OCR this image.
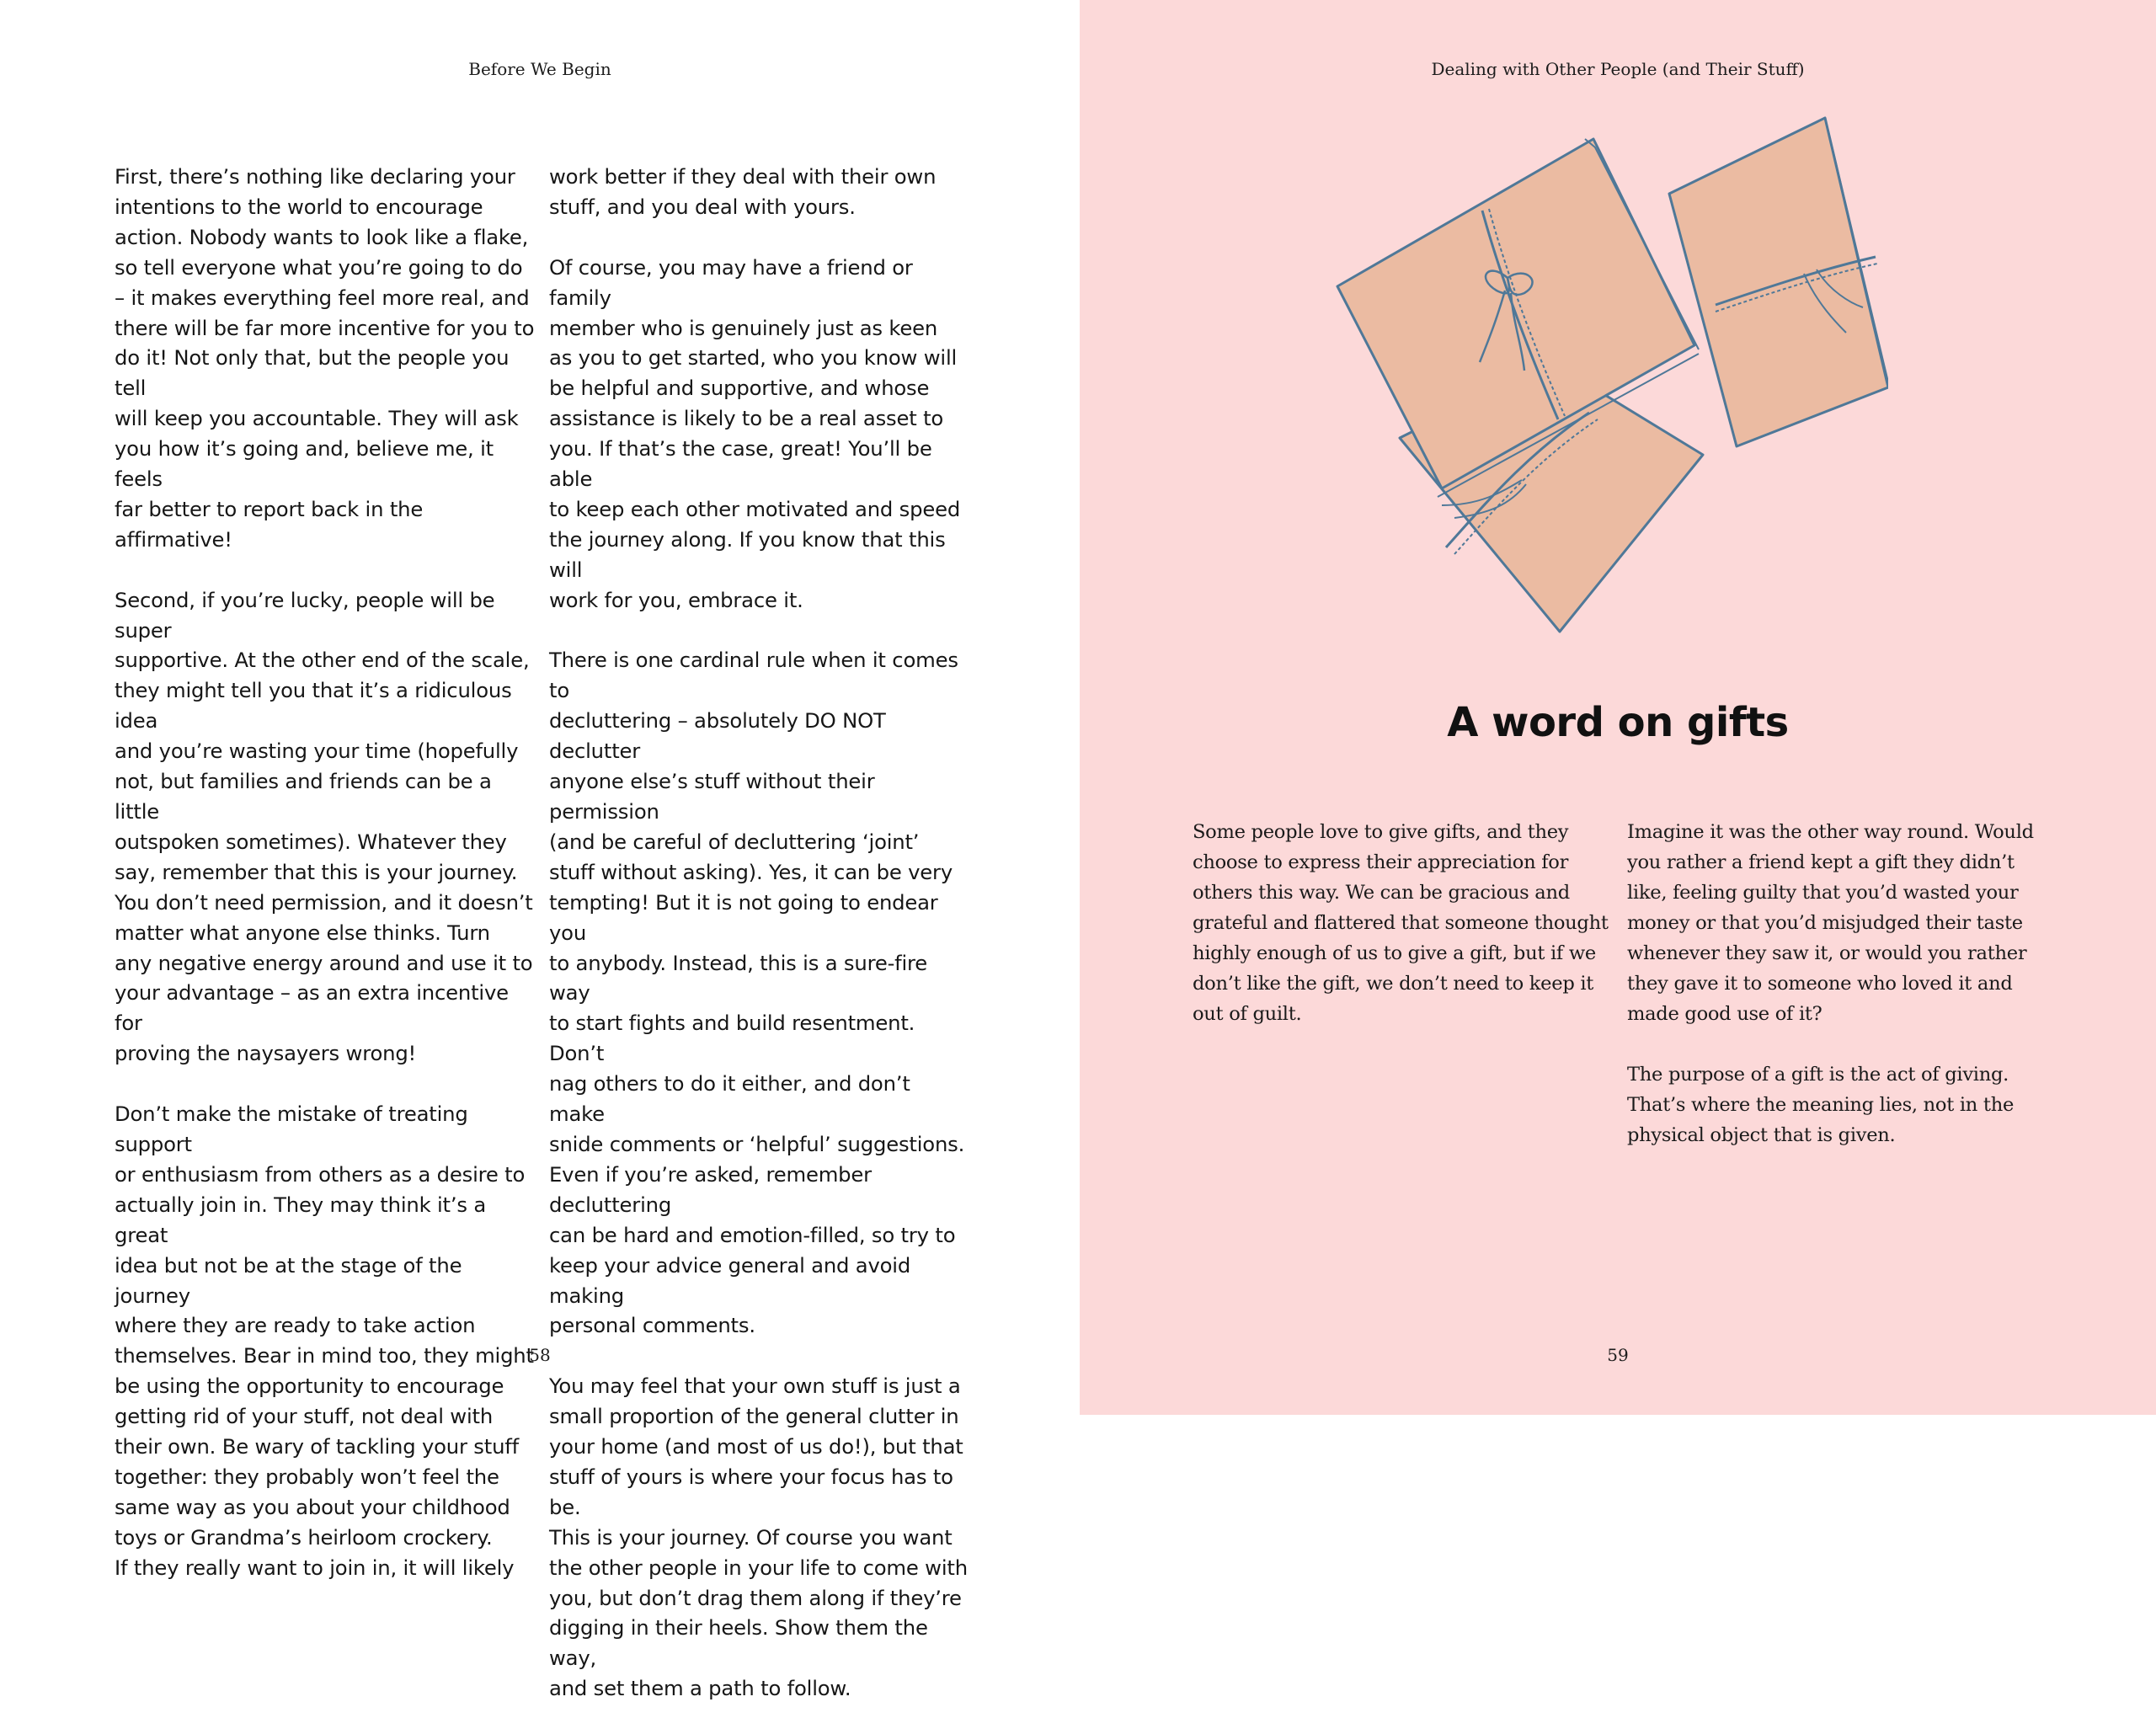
Before We Begin

First, there’s nothing like declaring your
intentions to the world to encourage
action. Nobody wants to look like a flake,
so tell everyone what you’re going to do
– it makes everything feel more real, and
there will be far more incentive for you to
do it! Not only that, but the people you tell
will keep you accountable. They will ask
you how it’s going and, believe me, it feels
far better to report back in the affirmative!

Second, if you’re lucky, people will be super
supportive. At the other end of the scale,
they might tell you that it’s a ridiculous idea
and you’re wasting your time (hopefully
not, but families and friends can be a little
outspoken sometimes). Whatever they
say, remember that this is your journey.
You don’t need permission, and it doesn’t
matter what anyone else thinks. Turn
any negative energy around and use it to
your advantage – as an extra incentive for
proving the naysayers wrong!

Don’t make the mistake of treating support
or enthusiasm from others as a desire to
actually join in. They may think it’s a great
idea but not be at the stage of the journey
where they are ready to take action
themselves. Bear in mind too, they might
be using the opportunity to encourage
getting rid of your stuff, not deal with
their own. Be wary of tackling your stuff
together: they probably won’t feel the
same way as you about your childhood
toys or Grandma’s heirloom crockery.
If they really want to join in, it will likely

work better if they deal with their own
stuff, and you deal with yours.

Of course, you may have a friend or family
member who is genuinely just as keen
as you to get started, who you know will
be helpful and supportive, and whose
assistance is likely to be a real asset to
you. If that’s the case, great! You’ll be able
to keep each other motivated and speed
the journey along. If you know that this will
work for you, embrace it.

There is one cardinal rule when it comes to
decluttering – absolutely DO NOT declutter
anyone else’s stuff without their permission
(and be careful of decluttering ‘joint’
stuff without asking). Yes, it can be very
tempting! But it is not going to endear you
to anybody. Instead, this is a sure-fire way
to start fights and build resentment. Don’t
nag others to do it either, and don’t make
snide comments or ‘helpful’ suggestions.
Even if you’re asked, remember decluttering
can be hard and emotion-filled, so try to
keep your advice general and avoid making
personal comments.

You may feel that your own stuff is just a
small proportion of the general clutter in
your home (and most of us do!), but that
stuff of yours is where your focus has to be.
This is your journey. Of course you want
the other people in your life to come with
you, but don’t drag them along if they’re
digging in their heels. Show them the way,
and set them a path to follow.

58
Dealing with Other People (and Their Stuff)
A word on gifts

Some people love to give gifts, and they
choose to express their appreciation for
others this way. We can be gracious and
grateful and flattered that someone thought
highly enough of us to give a gift, but if we
don’t like the gift, we don’t need to keep it
out of guilt.

Imagine it was the other way round. Would
you rather a friend kept a gift they didn’t
like, feeling guilty that you’d wasted your
money or that you’d misjudged their taste
whenever they saw it, or would you rather
they gave it to someone who loved it and
made good use of it?

The purpose of a gift is the act of giving.
That’s where the meaning lies, not in the
physical object that is given.

59
